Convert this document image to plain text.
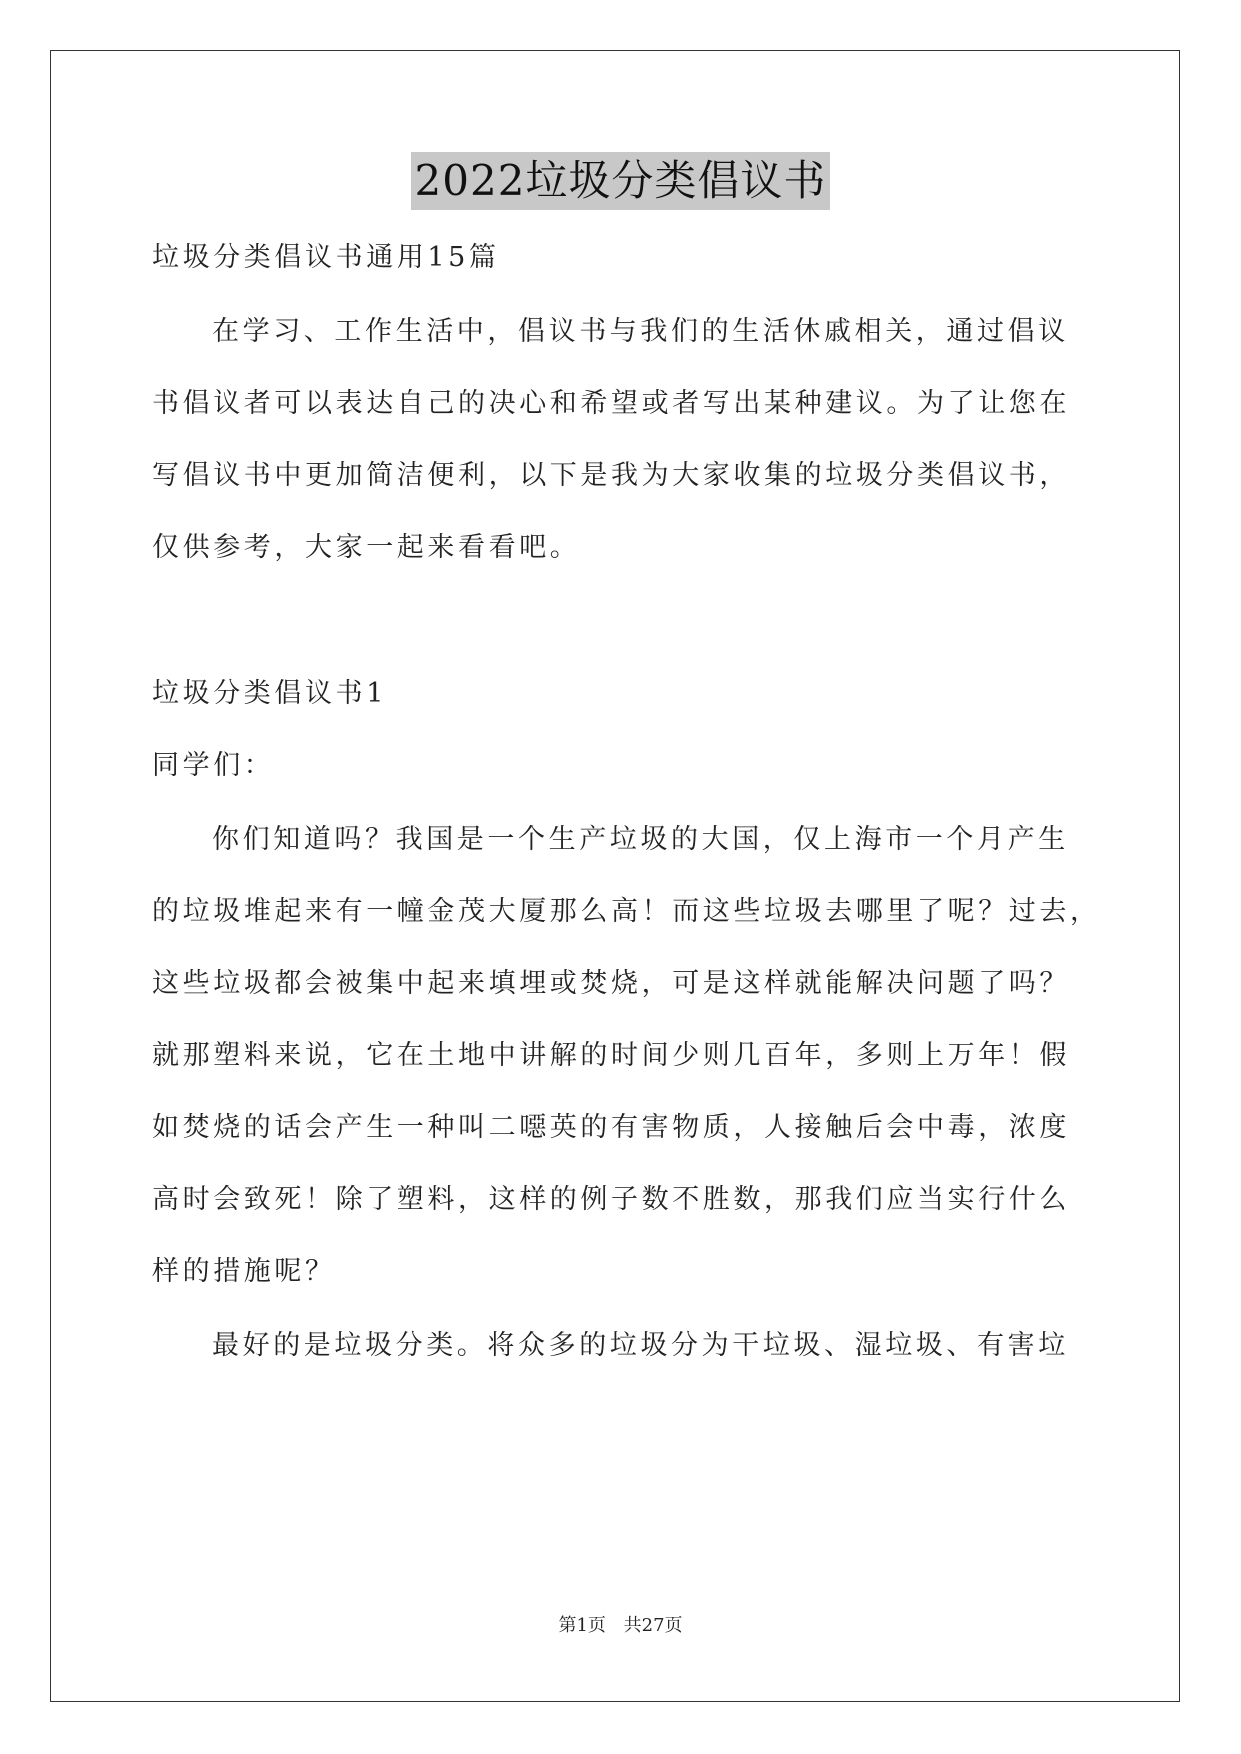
2022垃圾分类倡议书
垃圾分类倡议书通用15篇
在学习、工作生活中，倡议书与我们的生活休戚相关，通过倡议
书倡议者可以表达自己的决心和希望或者写出某种建议。为了让您在
写倡议书中更加简洁便利，以下是我为大家收集的垃圾分类倡议书，
仅供参考，大家一起来看看吧。
垃圾分类倡议书1
同学们：
你们知道吗？我国是一个生产垃圾的大国，仅上海市一个月产生
的垃圾堆起来有一幢金茂大厦那么高！而这些垃圾去哪里了呢？过去，
这些垃圾都会被集中起来填埋或焚烧，可是这样就能解决问题了吗？
就那塑料来说，它在土地中讲解的时间少则几百年，多则上万年！假
如焚烧的话会产生一种叫二噁英的有害物质，人接触后会中毒，浓度
高时会致死！除了塑料，这样的例子数不胜数，那我们应当实行什么
样的措施呢？
最好的是垃圾分类。将众多的垃圾分为干垃圾、湿垃圾、有害垃
第1页 共27页
